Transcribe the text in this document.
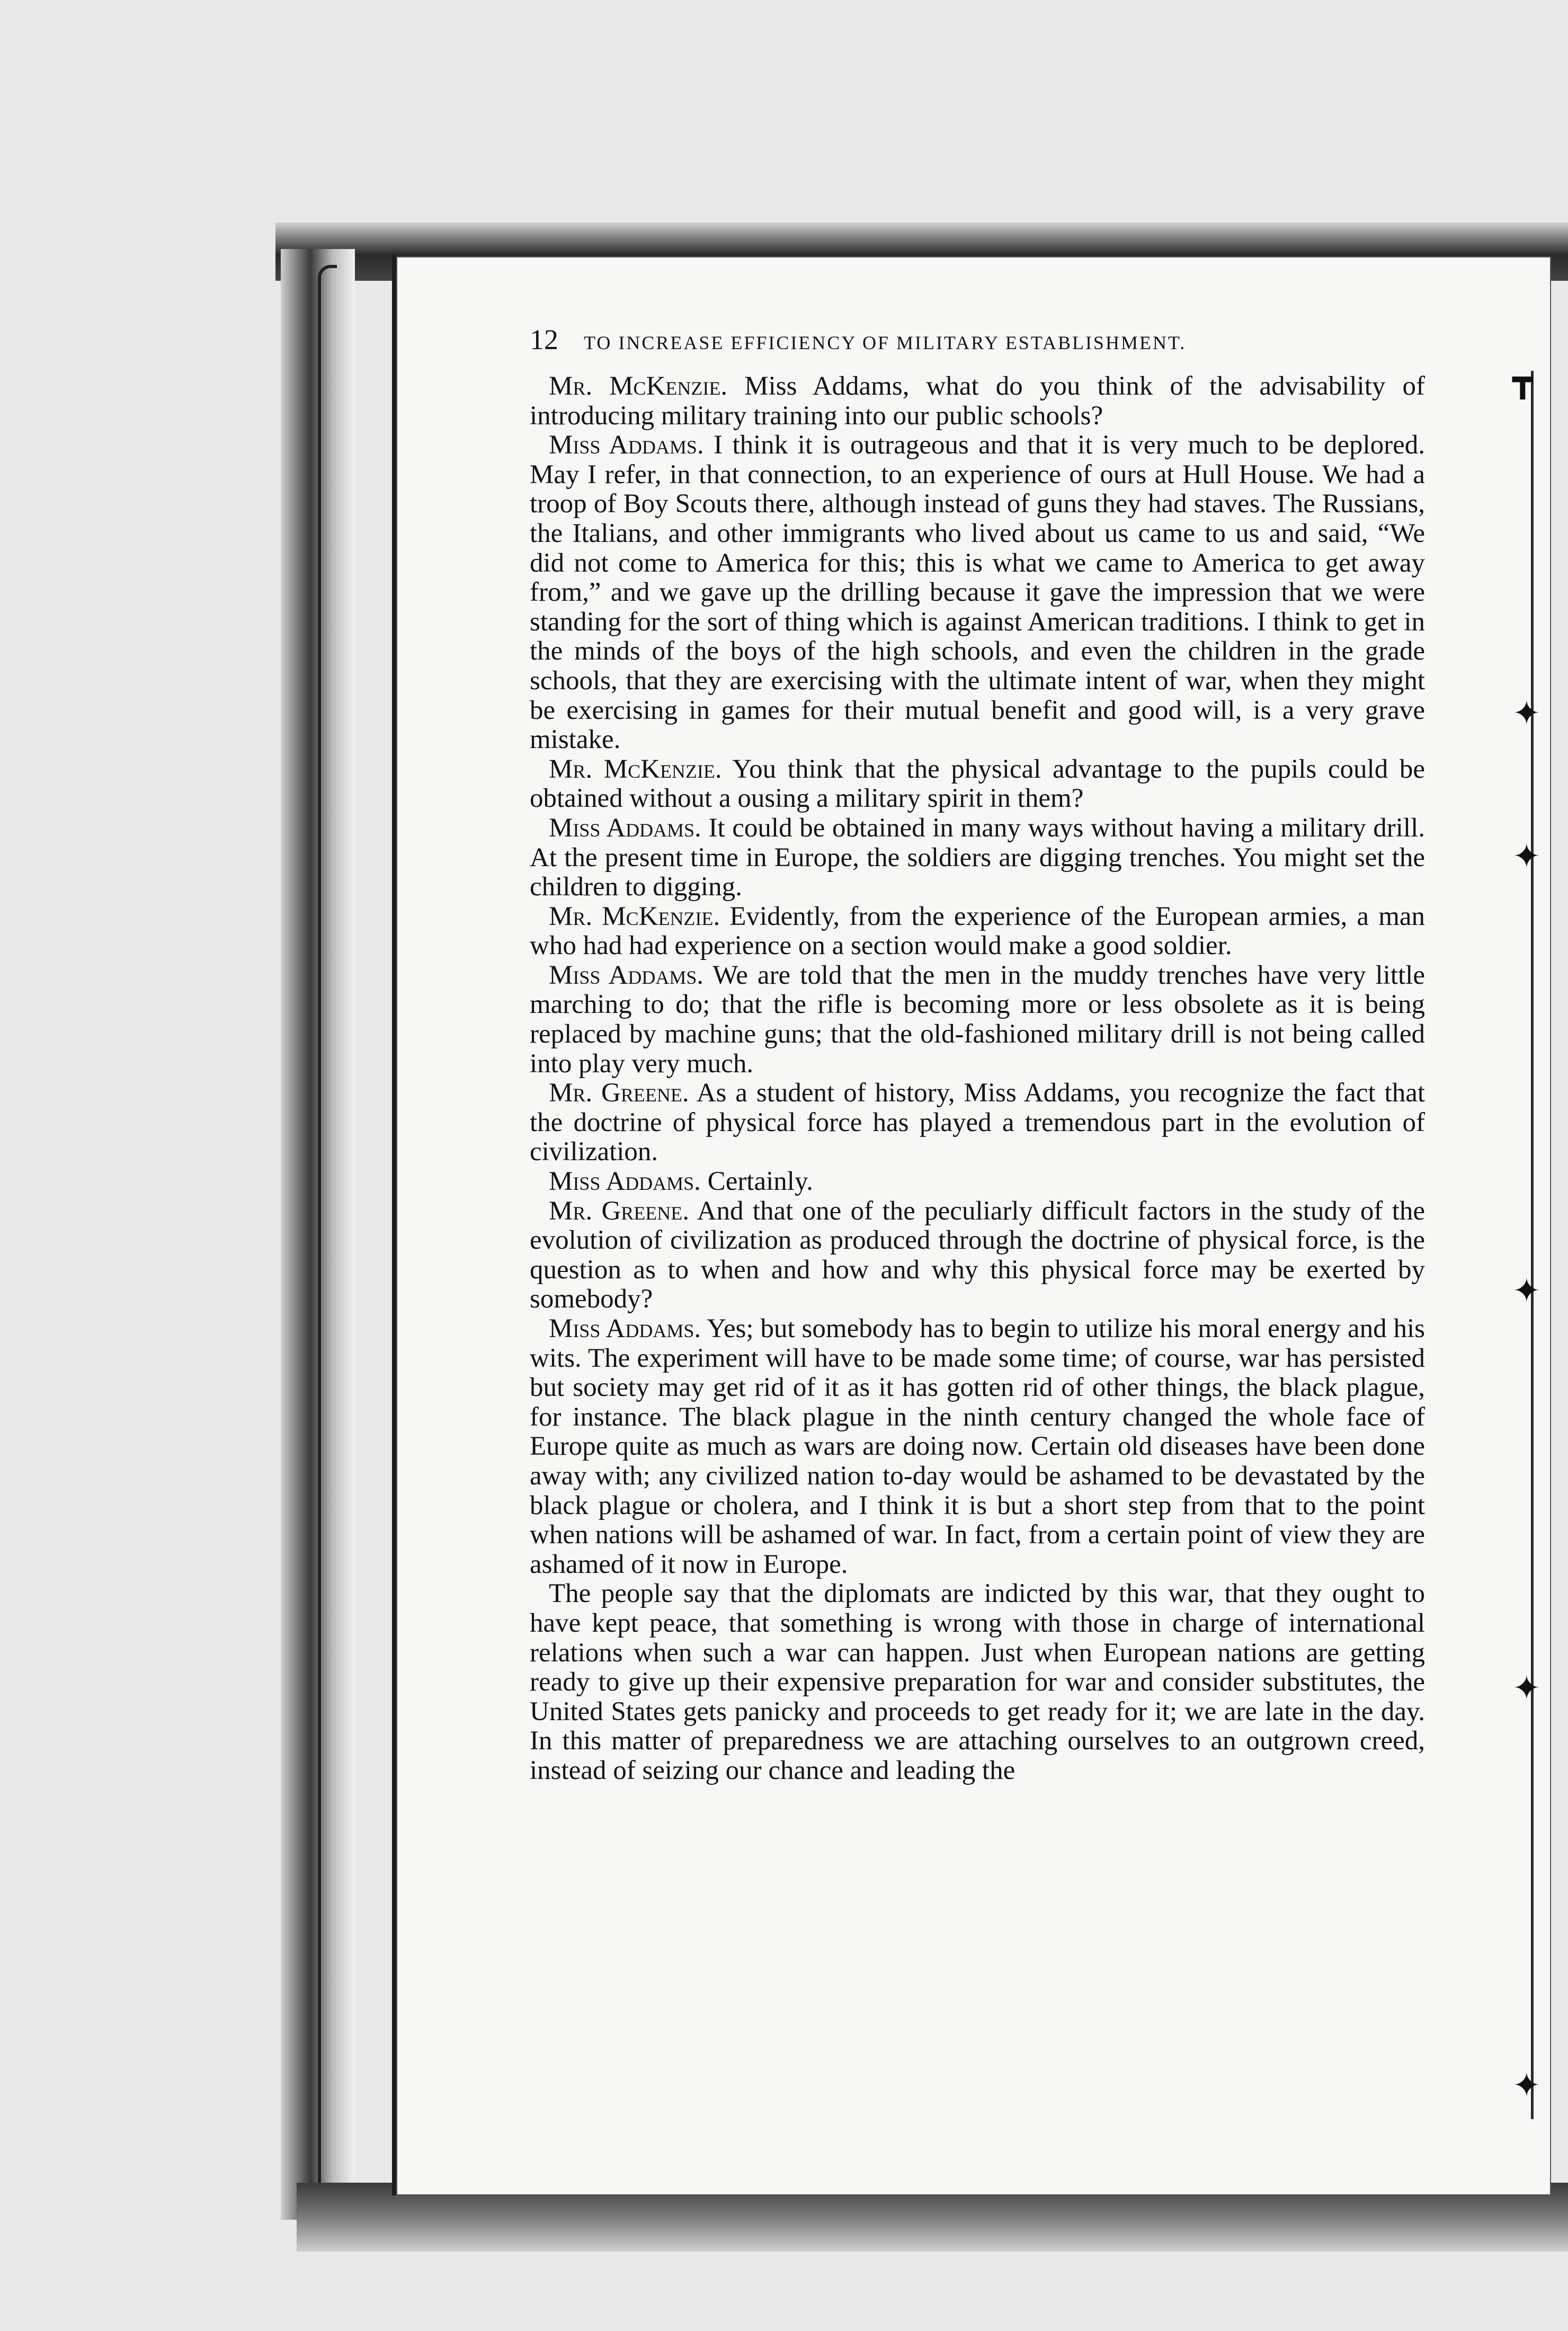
┳
✦
✦
✦
✦
✦
12 TO INCREASE EFFICIENCY OF MILITARY ESTABLISHMENT.

Mr. McKenzie. Miss Addams, what do you think of the advisability of introducing military training into our public schools?

Miss Addams. I think it is outrageous and that it is very much to be deplored. May I refer, in that connection, to an experience of ours at Hull House. We had a troop of Boy Scouts there, although instead of guns they had staves. The Russians, the Italians, and other immigrants who lived about us came to us and said, “We did not come to America for this; this is what we came to America to get away from,” and we gave up the drilling because it gave the impression that we were standing for the sort of thing which is against American traditions. I think to get in the minds of the boys of the high schools, and even the children in the grade schools, that they are exercising with the ultimate intent of war, when they might be exercising in games for their mutual benefit and good will, is a very grave mistake.

Mr. McKenzie. You think that the physical advantage to the pupils could be obtained without a ousing a military spirit in them?

Miss Addams. It could be obtained in many ways without having a military drill. At the present time in Europe, the soldiers are digging trenches. You might set the children to digging.

Mr. McKenzie. Evidently, from the experience of the European armies, a man who had had experience on a section would make a good soldier.

Miss Addams. We are told that the men in the muddy trenches have very little marching to do; that the rifle is becoming more or less obsolete as it is being replaced by machine guns; that the old-fashioned military drill is not being called into play very much.

Mr. Greene. As a student of history, Miss Addams, you recognize the fact that the doctrine of physical force has played a tremendous part in the evolution of civilization.

Miss Addams. Certainly.

Mr. Greene. And that one of the peculiarly difficult factors in the study of the evolution of civilization as produced through the doctrine of physical force, is the question as to when and how and why this physical force may be exerted by somebody?

Miss Addams. Yes; but somebody has to begin to utilize his moral energy and his wits. The experiment will have to be made some time; of course, war has persisted but society may get rid of it as it has gotten rid of other things, the black plague, for instance. The black plague in the ninth century changed the whole face of Europe quite as much as wars are doing now. Certain old diseases have been done away with; any civilized nation to-day would be ashamed to be devastated by the black plague or cholera, and I think it is but a short step from that to the point when nations will be ashamed of war. In fact, from a certain point of view they are ashamed of it now in Europe.

The people say that the diplomats are indicted by this war, that they ought to have kept peace, that something is wrong with those in charge of international relations when such a war can happen. Just when European nations are getting ready to give up their expensive preparation for war and consider substitutes, the United States gets panicky and proceeds to get ready for it; we are late in the day. In this matter of preparedness we are attaching ourselves to an outgrown creed, instead of seizing our chance and leading the
